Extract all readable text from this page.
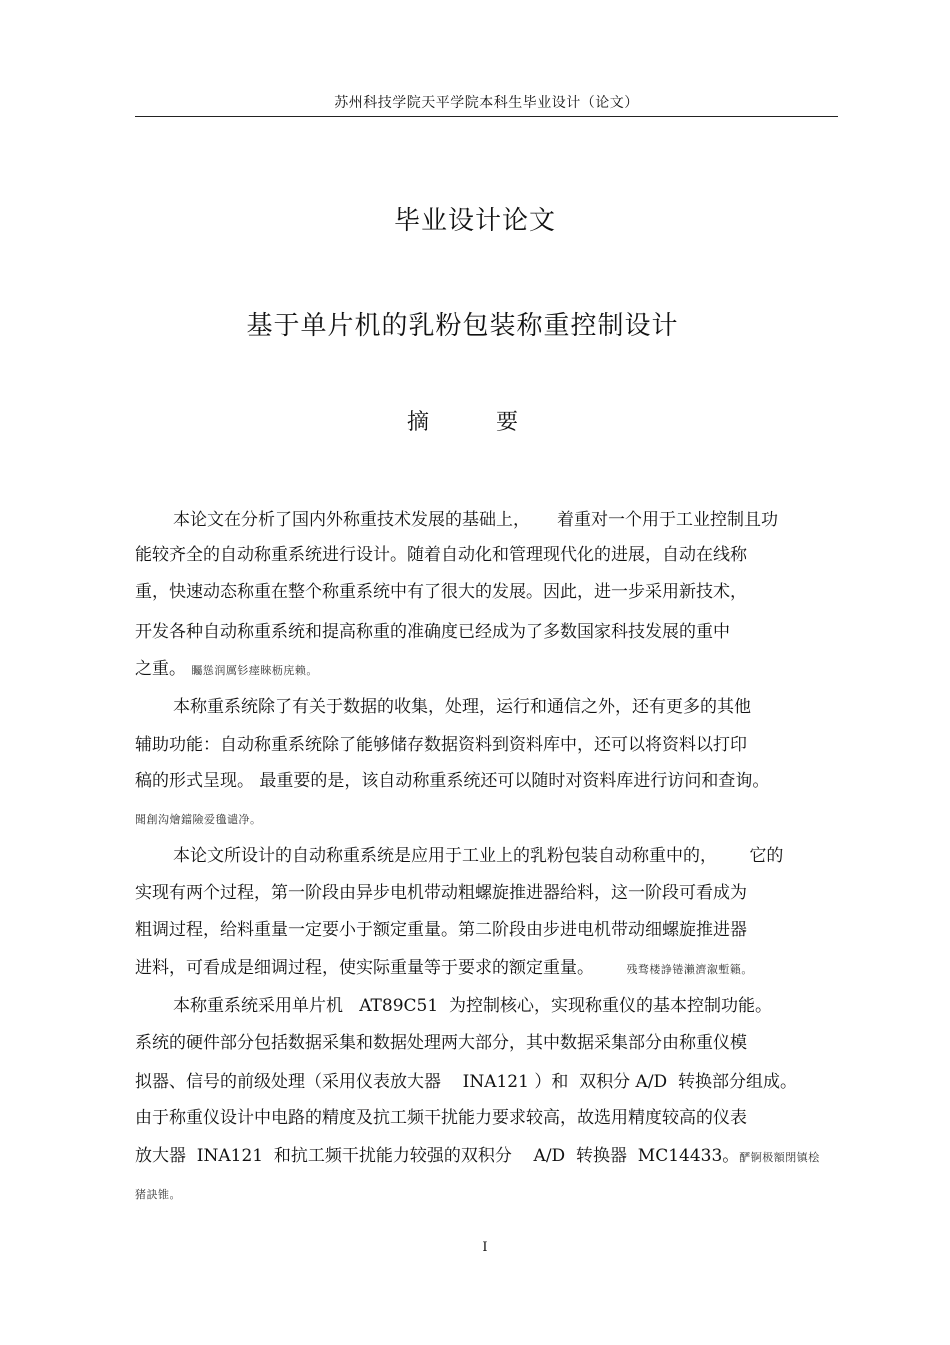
苏州科技学院天平学院本科生毕业设计（论文）
毕业设计论文
基于单片机的乳粉包装称重控制设计
摘 要
本论文在分析了国内外称重技术发展的基础上，     着重对一个用于工业控制且功
能较齐全的自动称重系统进行设计。随着自动化和管理现代化的进展，自动在线称
重，快速动态称重在整个称重系统中有了很大的发展。因此，进一步采用新技术，
开发各种自动称重系统和提高称重的准确度已经成为了多数国家科技发展的重中
之重。 矚慫润厲钐瘗睞枥庑赖。
本称重系统除了有关于数据的收集，处理，运行和通信之外，还有更多的其他
辅助功能：自动称重系统除了能够储存数据资料到资料库中，还可以将资料以打印
稿的形式呈现。 最重要的是，该自动称重系统还可以随时对资料库进行访问和查询。
聞創沟燴鐺險爱氇谴净。
本论文所设计的自动称重系统是应用于工业上的乳粉包装自动称重中的，      它的
实现有两个过程，第一阶段由异步电机带动粗螺旋推进器给料，这一阶段可看成为
粗调过程，给料重量一定要小于额定重量。第二阶段由步进电机带动细螺旋推进器
进料，可看成是细调过程，使实际重量等于要求的额定重量。	残骛楼諍锩瀨濟溆塹籟。
本称重系统采用单片机   AT89C51  为控制核心，实现称重仪的基本控制功能。
系统的硬件部分包括数据采集和数据处理两大部分，其中数据采集部分由称重仪模
拟器、信号的前级处理（采用仪表放大器    INA121 ）和  双积分 A/D  转换部分组成。
由于称重仪设计中电路的精度及抗工频干扰能力要求较高，故选用精度较高的仪表
放大器  INA121  和抗工频干扰能力较强的双积分    A/D  转换器  MC14433。酽锕极額閉镇桧
猪訣锥。
I
